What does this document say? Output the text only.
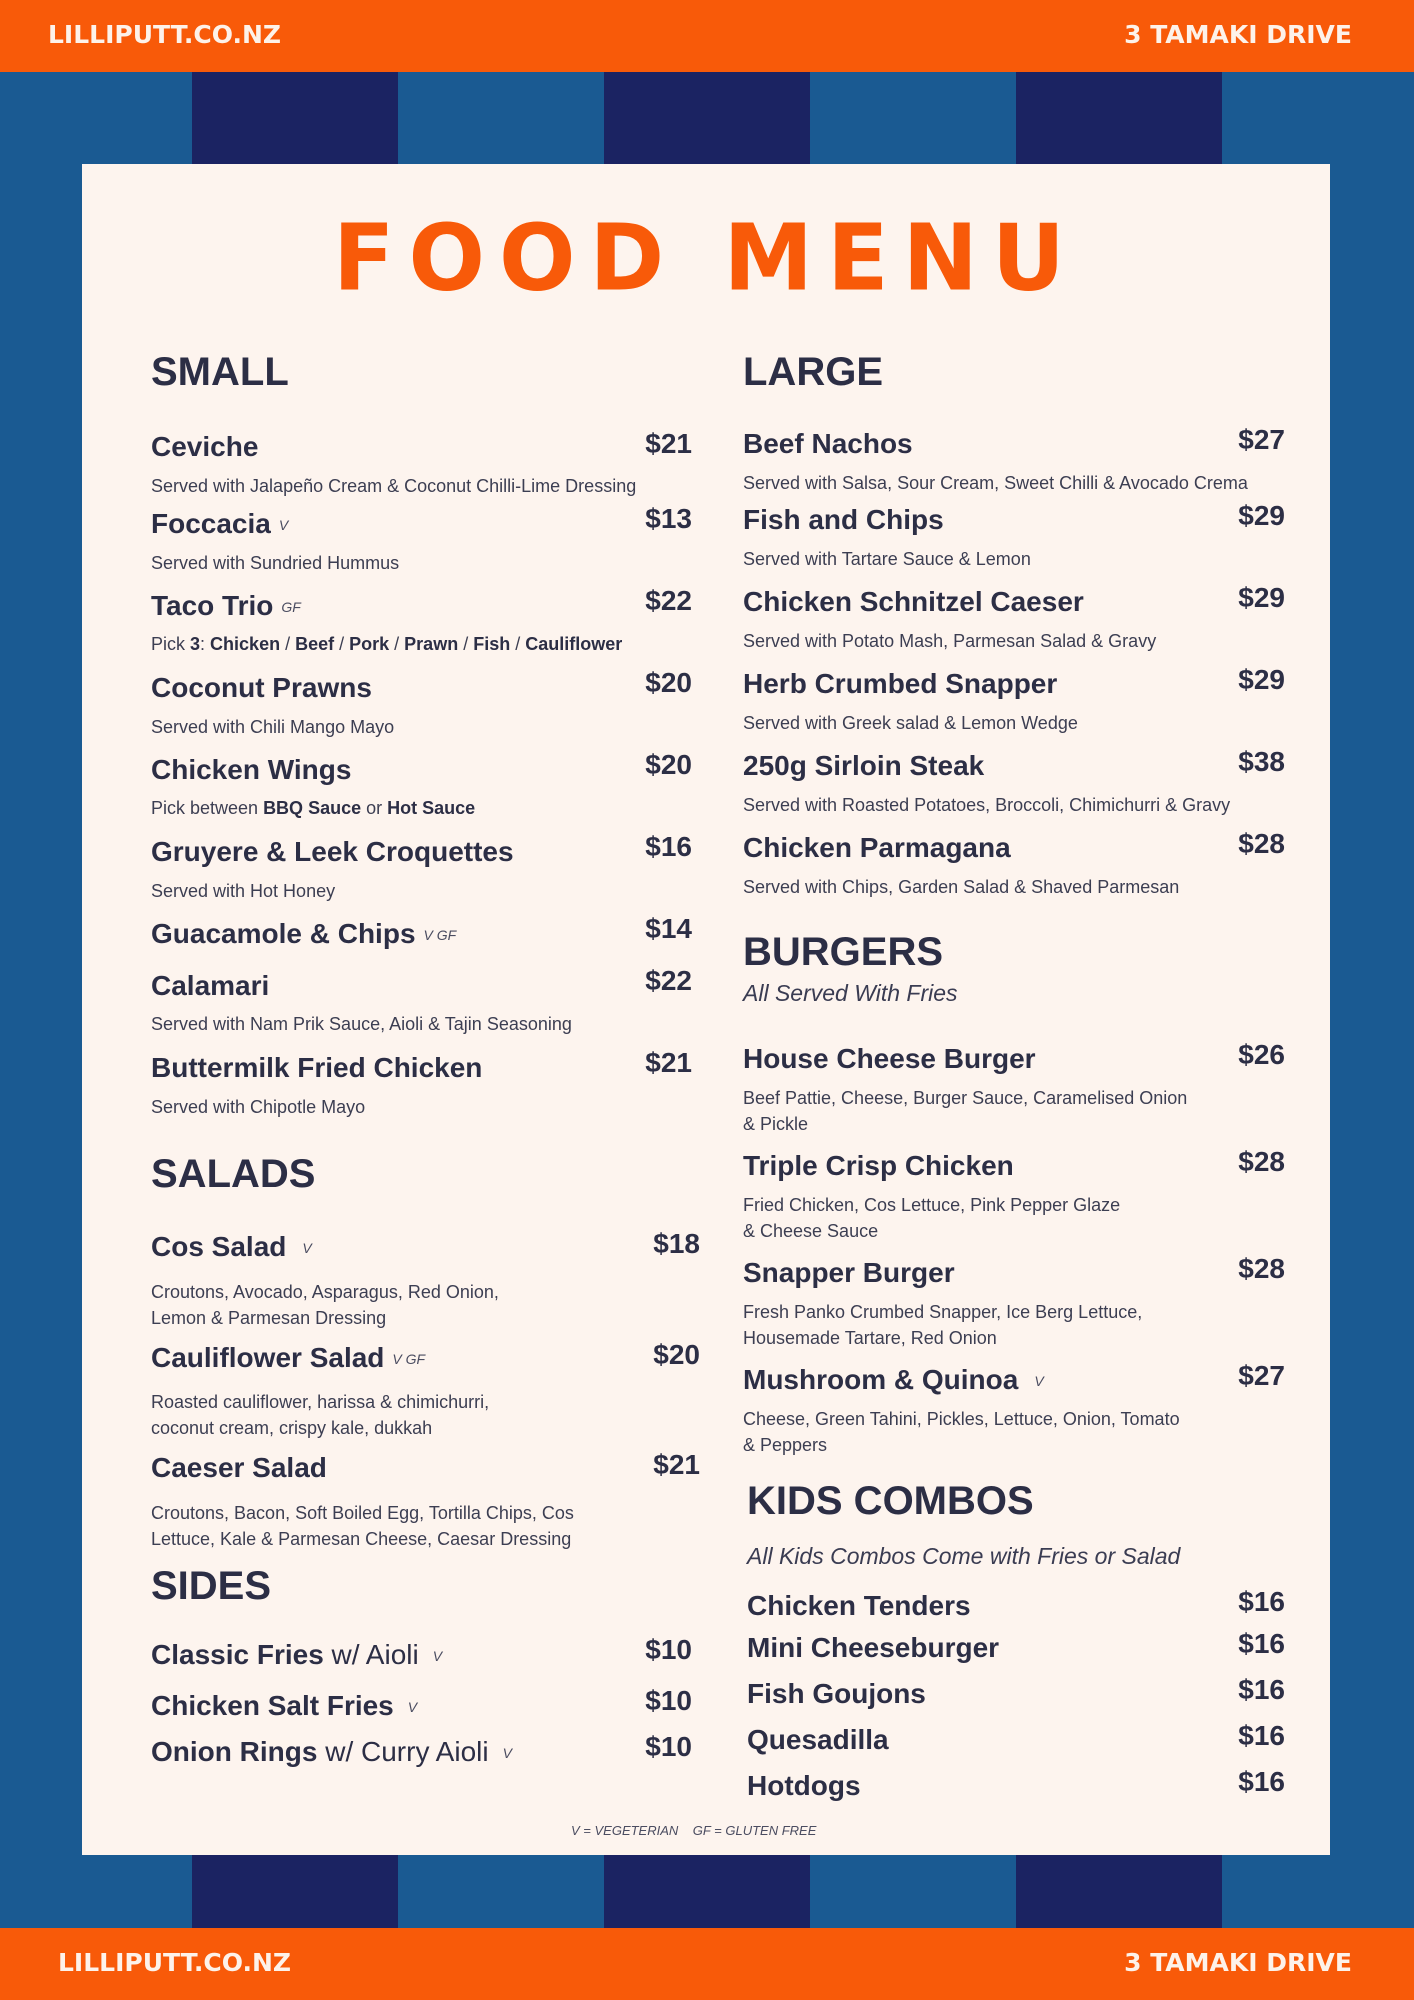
LILLIPUTT.CO.NZ	3 TAMAKI DRIVE
FOOD MENU
SMALL
Ceviche	$21
Served with Jalapeño Cream & Coconut Chilli-Lime Dressing
Foccacia V	$13
Served with Sundried Hummus
Taco Trio GF	$22
Pick 3: Chicken / Beef / Pork / Prawn / Fish / Cauliflower
Coconut Prawns	$20
Served with Chili Mango Mayo
Chicken Wings	$20
Pick between BBQ Sauce or Hot Sauce
Gruyere & Leek Croquettes	$16
Served with Hot Honey
Guacamole & Chips V GF	$14
Calamari	$22
Served with Nam Prik Sauce, Aioli & Tajin Seasoning
Buttermilk Fried Chicken	$21
Served with Chipotle Mayo
SALADS
Cos Salad V	$18
Croutons, Avocado, Asparagus, Red Onion,
Lemon & Parmesan Dressing
Cauliflower Salad V GF	$20
Roasted cauliflower, harissa & chimichurri,
coconut cream, crispy kale, dukkah
Caeser Salad	$21
Croutons, Bacon, Soft Boiled Egg, Tortilla Chips, Cos
Lettuce, Kale & Parmesan Cheese, Caesar Dressing
SIDES
Classic Fries w/ Aioli V	$10
Chicken Salt Fries V	$10
Onion Rings w/ Curry Aioli V	$10
LARGE
Beef Nachos	$27
Served with Salsa, Sour Cream, Sweet Chilli & Avocado Crema
Fish and Chips	$29
Served with Tartare Sauce & Lemon
Chicken Schnitzel Caeser	$29
Served with Potato Mash, Parmesan Salad & Gravy
Herb Crumbed Snapper	$29
Served with Greek salad & Lemon Wedge
250g Sirloin Steak	$38
Served with Roasted Potatoes, Broccoli, Chimichurri & Gravy
Chicken Parmagana	$28
Served with Chips, Garden Salad & Shaved Parmesan
BURGERS
All Served With Fries
House Cheese Burger	$26
Beef Pattie, Cheese, Burger Sauce, Caramelised Onion
& Pickle
Triple Crisp Chicken	$28
Fried Chicken, Cos Lettuce, Pink Pepper Glaze
& Cheese Sauce
Snapper Burger	$28
Fresh Panko Crumbed Snapper, Ice Berg Lettuce,
Housemade Tartare, Red Onion
Mushroom & Quinoa V	$27
Cheese, Green Tahini, Pickles, Lettuce, Onion, Tomato
& Peppers
KIDS COMBOS
All Kids Combos Come with Fries or Salad
Chicken Tenders	$16
Mini Cheeseburger	$16
Fish Goujons	$16
Quesadilla	$16
Hotdogs	$16
V = VEGETERIAN GF = GLUTEN FREE
LILLIPUTT.CO.NZ	3 TAMAKI DRIVE
